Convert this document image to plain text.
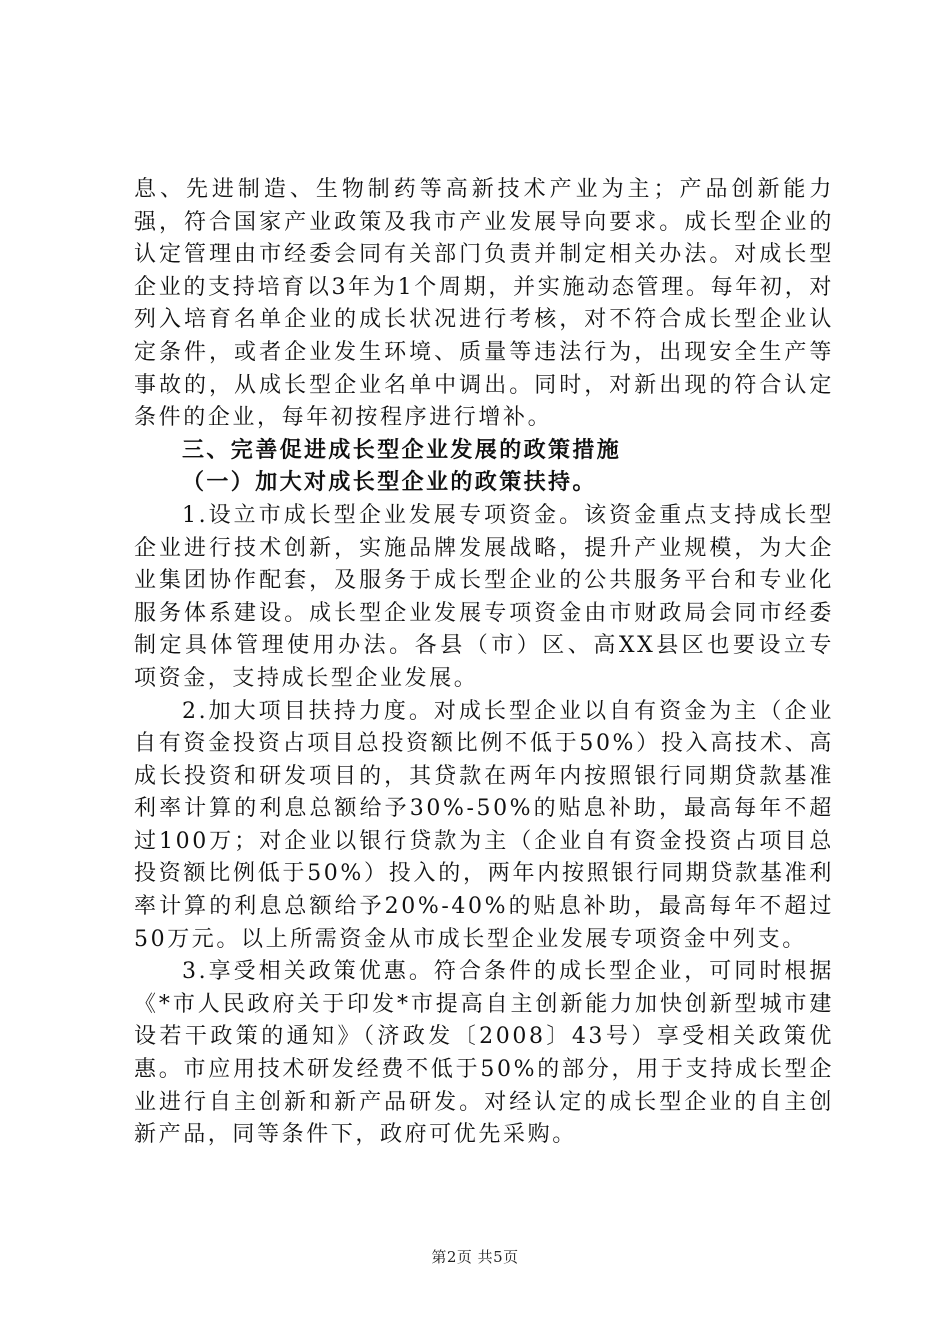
息、先进制造、生物制药等高新技术产业为主；产品创新能力强，符合国家产业政策及我市产业发展导向要求。成长型企业的认定管理由市经委会同有关部门负责并制定相关办法。对成长型企业的支持培育以3年为1个周期，并实施动态管理。每年初，对列入培育名单企业的成长状况进行考核，对不符合成长型企业认定条件，或者企业发生环境、质量等违法行为，出现安全生产等事故的，从成长型企业名单中调出。同时，对新出现的符合认定条件的企业，每年初按程序进行增补。

三、完善促进成长型企业发展的政策措施

（一）加大对成长型企业的政策扶持。

1.设立市成长型企业发展专项资金。该资金重点支持成长型企业进行技术创新，实施品牌发展战略，提升产业规模，为大企业集团协作配套，及服务于成长型企业的公共服务平台和专业化服务体系建设。成长型企业发展专项资金由市财政局会同市经委制定具体管理使用办法。各县（市）区、高XX县区也要设立专项资金，支持成长型企业发展。

2.加大项目扶持力度。对成长型企业以自有资金为主（企业自有资金投资占项目总投资额比例不低于50%）投入高技术、高成长投资和研发项目的，其贷款在两年内按照银行同期贷款基准利率计算的利息总额给予30%-50%的贴息补助，最高每年不超过100万；对企业以银行贷款为主（企业自有资金投资占项目总投资额比例低于50%）投入的，两年内按照银行同期贷款基准利率计算的利息总额给予20%-40%的贴息补助，最高每年不超过50万元。以上所需资金从市成长型企业发展专项资金中列支。

3.享受相关政策优惠。符合条件的成长型企业，可同时根据《*市人民政府关于印发*市提高自主创新能力加快创新型城市建设若干政策的通知》（济政发〔2008〕43号）享受相关政策优惠。市应用技术研发经费不低于50%的部分，用于支持成长型企业进行自主创新和新产品研发。对经认定的成长型企业的自主创新产品，同等条件下，政府可优先采购。

第2页 共5页
